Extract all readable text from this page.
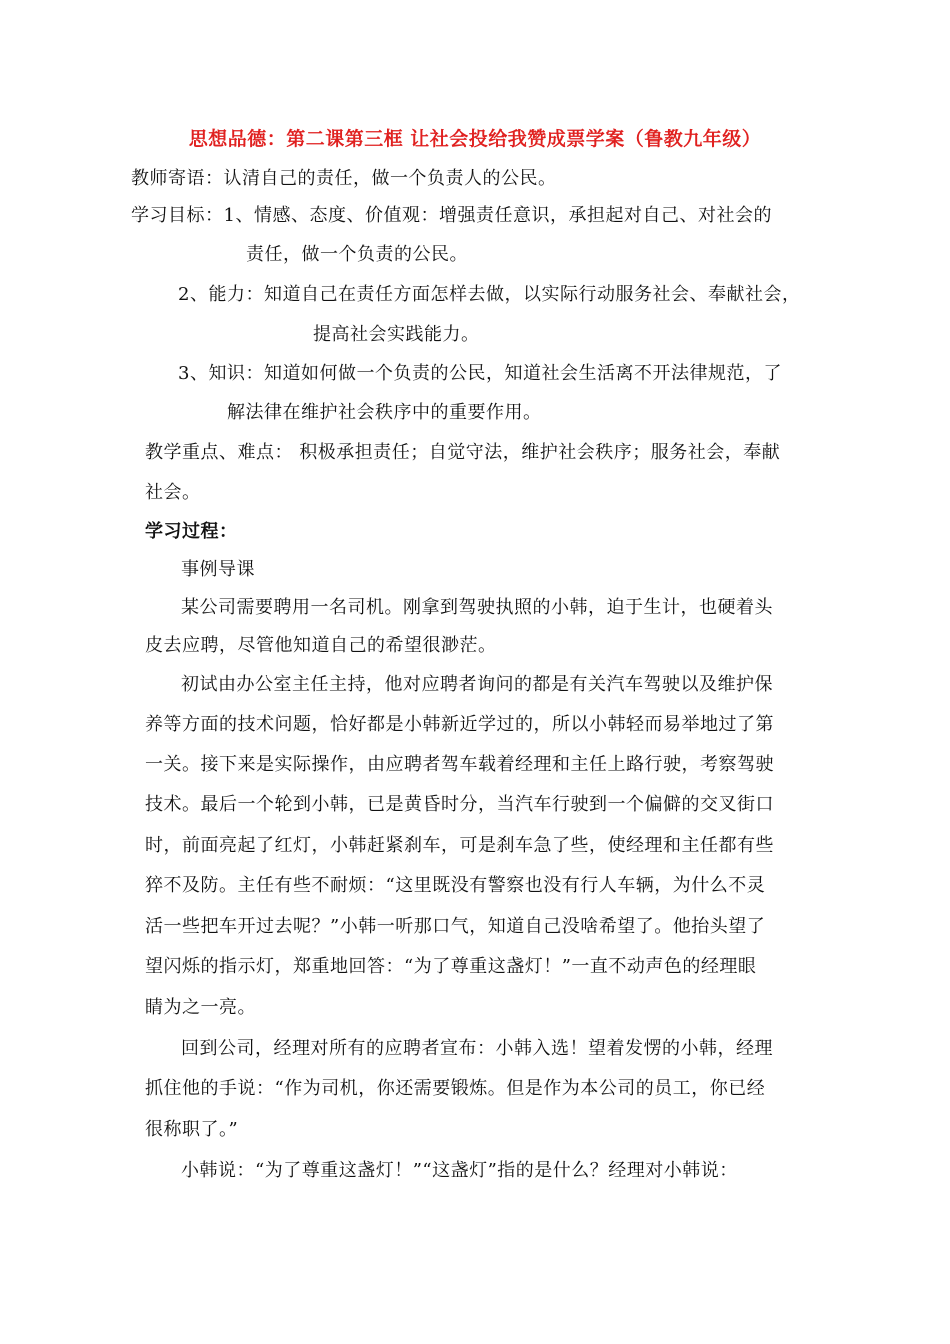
思想品德：第二课第三框 让社会投给我赞成票学案（鲁教九年级）
教师寄语：认清自己的责任，做一个负责人的公民。
学习目标：1、情感、态度、价值观：增强责任意识，承担起对自己、对社会的
责任，做一个负责的公民。
2、能力：知道自己在责任方面怎样去做，以实际行动服务社会、奉献社会，
提高社会实践能力。
3、知识：知道如何做一个负责的公民，知道社会生活离不开法律规范，了
解法律在维护社会秩序中的重要作用。
教学重点、难点： 积极承担责任；自觉守法，维护社会秩序；服务社会，奉献
社会。
学习过程：
事例导课
某公司需要聘用一名司机。刚拿到驾驶执照的小韩，迫于生计，也硬着头
皮去应聘，尽管他知道自己的希望很渺茫。
初试由办公室主任主持，他对应聘者询问的都是有关汽车驾驶以及维护保
养等方面的技术问题，恰好都是小韩新近学过的，所以小韩轻而易举地过了第
一关。接下来是实际操作，由应聘者驾车载着经理和主任上路行驶，考察驾驶
技术。最后一个轮到小韩，已是黄昏时分，当汽车行驶到一个偏僻的交叉街口
时，前面亮起了红灯，小韩赶紧刹车，可是刹车急了些，使经理和主任都有些
猝不及防。主任有些不耐烦：“这里既没有警察也没有行人车辆，为什么不灵
活一些把车开过去呢？”小韩一听那口气，知道自己没啥希望了。他抬头望了
望闪烁的指示灯，郑重地回答：“为了尊重这盏灯！”一直不动声色的经理眼
睛为之一亮。
回到公司，经理对所有的应聘者宣布：小韩入选！望着发愣的小韩，经理
抓住他的手说：“作为司机，你还需要锻炼。但是作为本公司的员工，你已经
很称职了。”
小韩说：“为了尊重这盏灯！”“这盏灯”指的是什么？经理对小韩说：
